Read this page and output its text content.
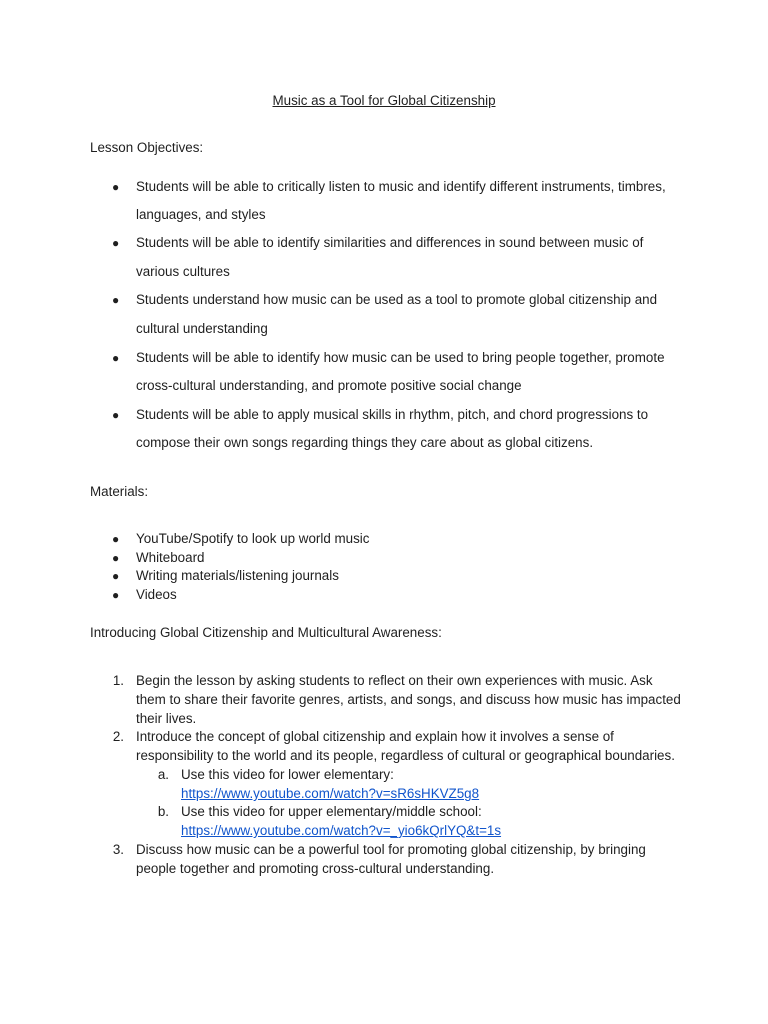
Music as a Tool for Global Citizenship
Lesson Objectives:
●	Students will be able to critically listen to music and identify different instruments, timbres,
languages, and styles
●	Students will be able to identify similarities and differences in sound between music of
various cultures
●	Students understand how music can be used as a tool to promote global citizenship and
cultural understanding
●	Students will be able to identify how music can be used to bring people together, promote
cross-cultural understanding, and promote positive social change
●	Students will be able to apply musical skills in rhythm, pitch, and chord progressions to
compose their own songs regarding things they care about as global citizens.
Materials:
●	YouTube/Spotify to look up world music
●	Whiteboard
●	Writing materials/listening journals
●	Videos
Introducing Global Citizenship and Multicultural Awareness:
1. Begin the lesson by asking students to reflect on their own experiences with music. Ask
them to share their favorite genres, artists, and songs, and discuss how music has impacted
their lives.
2. Introduce the concept of global citizenship and explain how it involves a sense of
responsibility to the world and its people, regardless of cultural or geographical boundaries.
a. Use this video for lower elementary:
https://www.youtube.com/watch?v=sR6sHKVZ5g8
b. Use this video for upper elementary/middle school:
https://www.youtube.com/watch?v=_yio6kQrlYQ&t=1s
3. Discuss how music can be a powerful tool for promoting global citizenship, by bringing
people together and promoting cross-cultural understanding.
